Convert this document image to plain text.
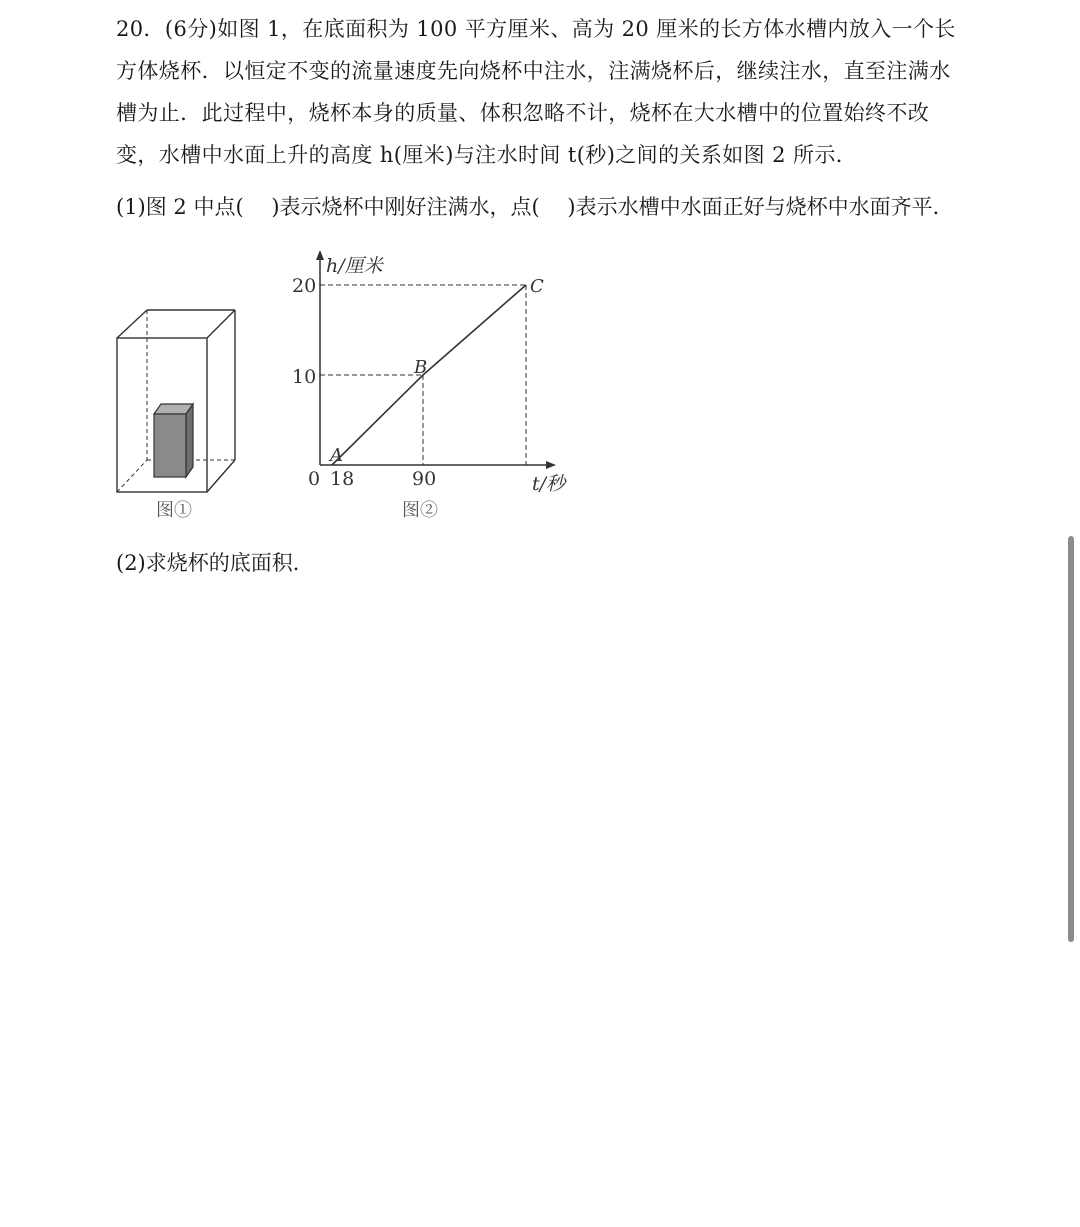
20．(6分)如图 1，在底面积为 100 平方厘米、高为 20 厘米的长方体水槽内放入一个长方体烧杯．以恒定不变的流量速度先向烧杯中注水，注满烧杯后，继续注水，直至注满水槽为止．此过程中，烧杯本身的质量、体积忽略不计，烧杯在大水槽中的位置始终不改变，水槽中水面上升的高度 h(厘米)与注水时间 t(秒)之间的关系如图 2 所示．

(1)图 2 中点(　 )表示烧杯中刚好注满水，点(　 )表示水槽中水面正好与烧杯中水面齐平．
图①
h/厘米
t/秒
20
10
0 18	90
A
B
C
图②
(2)求烧杯的底面积．
